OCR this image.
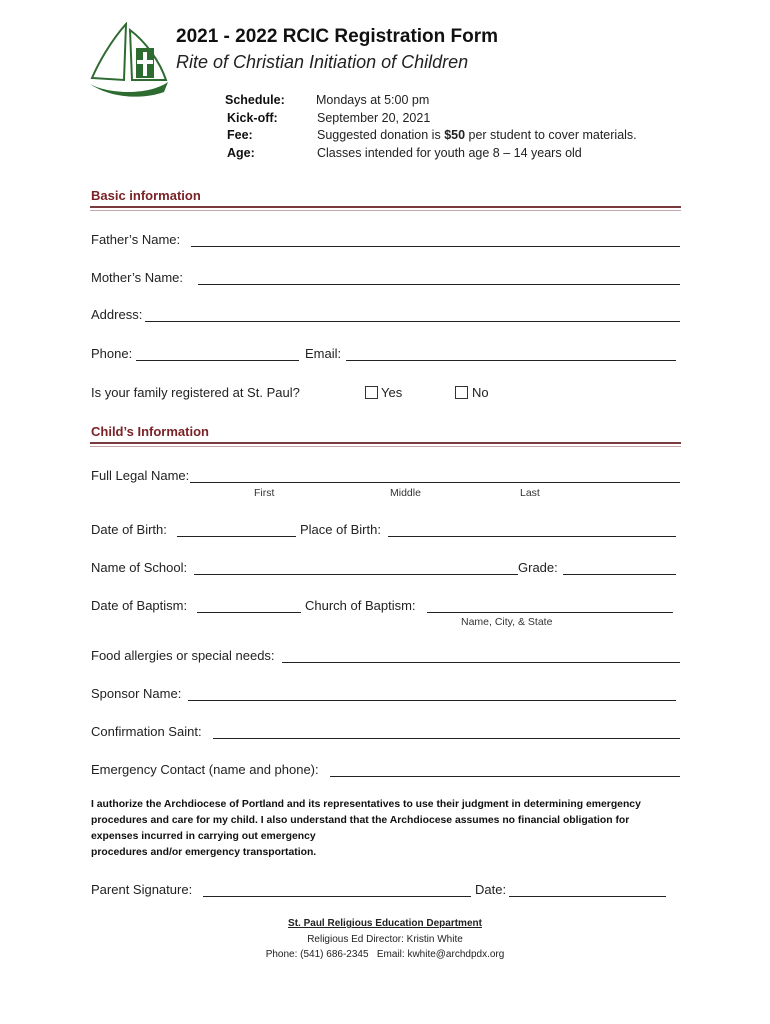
2021 - 2022 RCIC Registration Form
Rite of Christian Initiation of Children
Schedule:	Mondays at 5:00 pm
Kick-off:	September 20, 2021
Fee:	Suggested donation is $50 per student to cover materials.
Age:	Classes intended for youth age 8 – 14 years old
Basic information
Father’s Name:
Mother’s Name:
Address:
Phone:	Email:
Is your family registered at St. Paul?	Yes	No
Child’s Information
Full Legal Name:
First	Middle	Last
Date of Birth:	Place of Birth:
Name of School:	Grade:
Date of Baptism:	Church of Baptism:
Name, City, & State
Food allergies or special needs:
Sponsor Name:
Confirmation Saint:
Emergency Contact (name and phone):
I authorize the Archdiocese of Portland and its representatives to use their judgment in determining emergency
procedures and care for my child. I also understand that the Archdiocese assumes no financial obligation for
expenses incurred in carrying out emergency
procedures and/or emergency transportation.
Parent Signature:	Date:
St. Paul Religious Education Department
Religious Ed Director: Kristin White
Phone: (541) 686-2345   Email: kwhite@archdpdx.org
